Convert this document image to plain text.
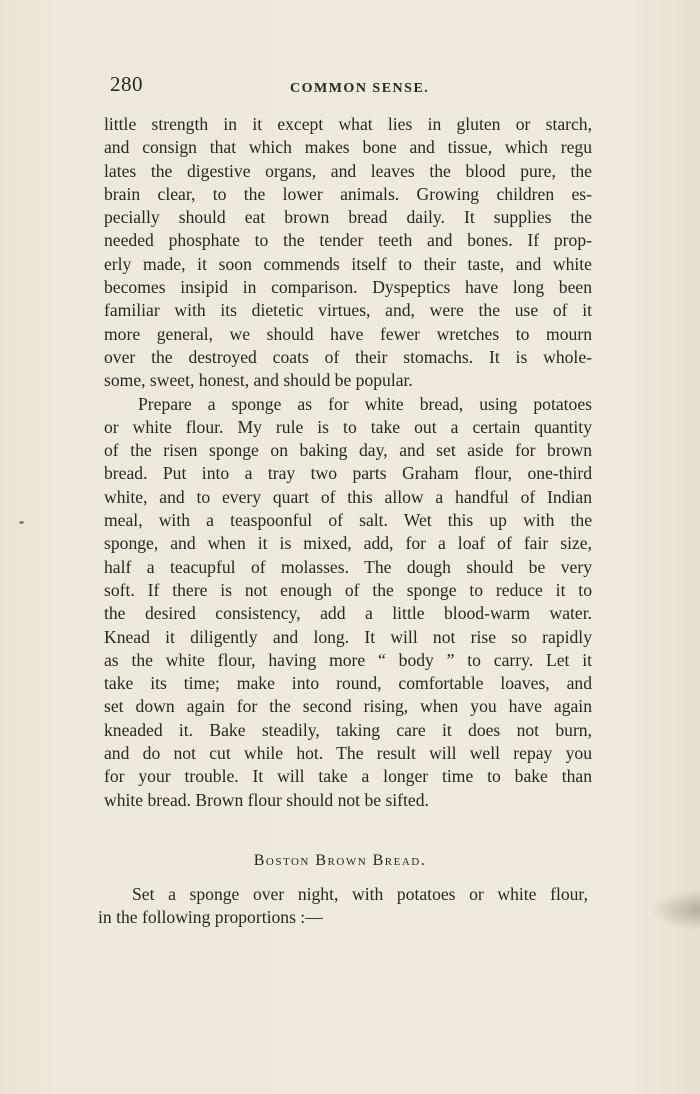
280	COMMON SENSE.
little strength in it except what lies in gluten or starch,
and consign that which makes bone and tissue, which regu
lates the digestive organs, and leaves the blood pure, the
brain clear, to the lower animals. Growing children es-
pecially should eat brown bread daily. It supplies the
needed phosphate to the tender teeth and bones. If prop-
erly made, it soon commends itself to their taste, and white
becomes insipid in comparison. Dyspeptics have long been
familiar with its dietetic virtues, and, were the use of it
more general, we should have fewer wretches to mourn
over the destroyed coats of their stomachs. It is whole-
some, sweet, honest, and should be popular.
Prepare a sponge as for white bread, using potatoes
or white flour. My rule is to take out a certain quantity
of the risen sponge on baking day, and set aside for brown
bread. Put into a tray two parts Graham flour, one-third
white, and to every quart of this allow a handful of Indian
meal, with a teaspoonful of salt. Wet this up with the
sponge, and when it is mixed, add, for a loaf of fair size,
half a teacupful of molasses. The dough should be very
soft. If there is not enough of the sponge to reduce it to
the desired consistency, add a little blood-warm water.
Knead it diligently and long. It will not rise so rapidly
as the white flour, having more “ body ” to carry. Let it
take its time; make into round, comfortable loaves, and
set down again for the second rising, when you have again
kneaded it. Bake steadily, taking care it does not burn,
and do not cut while hot. The result will well repay you
for your trouble. It will take a longer time to bake than
white bread. Brown flour should not be sifted.
Boston Brown Bread.
Set a sponge over night, with potatoes or white flour,
in the following proportions :—
